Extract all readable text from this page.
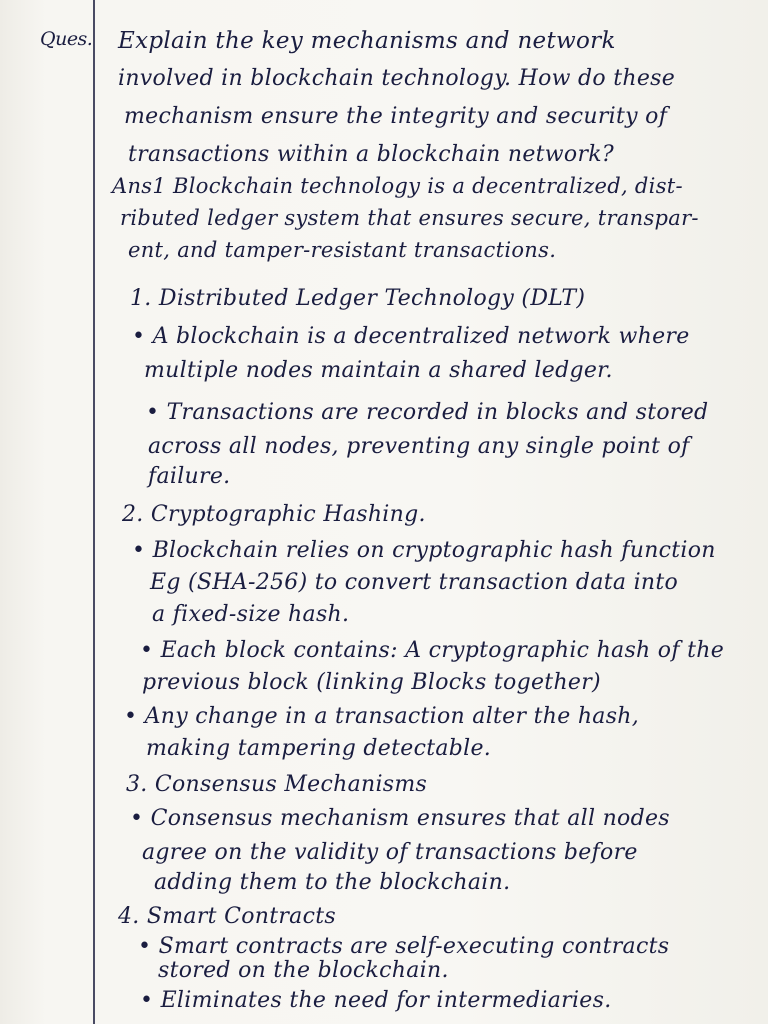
Ques. Explain the key mechanisms and network
involved in blockchain technology. How do these
mechanism ensure the integrity and security of
transactions within a blockchain network?
Ans1 Blockchain technology is a decentralized, dist-
ributed ledger system that ensures secure, transpar-
ent, and tamper-resistant transactions.
1. Distributed Ledger Technology (DLT)
• A blockchain is a decentralized network where
multiple nodes maintain a shared ledger.
• Transactions are recorded in blocks and stored
across all nodes, preventing any single point of
failure.
2. Cryptographic Hashing.
• Blockchain relies on cryptographic hash function
Eg (SHA-256) to convert transaction data into
a fixed-size hash.
• Each block contains: A cryptographic hash of the
previous block (linking Blocks together)
• Any change in a transaction alter the hash,
making tampering detectable.
3. Consensus Mechanisms
• Consensus mechanism ensures that all nodes
agree on the validity of transactions before
adding them to the blockchain.
4. Smart Contracts
• Smart contracts are self-executing contracts
stored on the blockchain.
• Eliminates the need for intermediaries.
